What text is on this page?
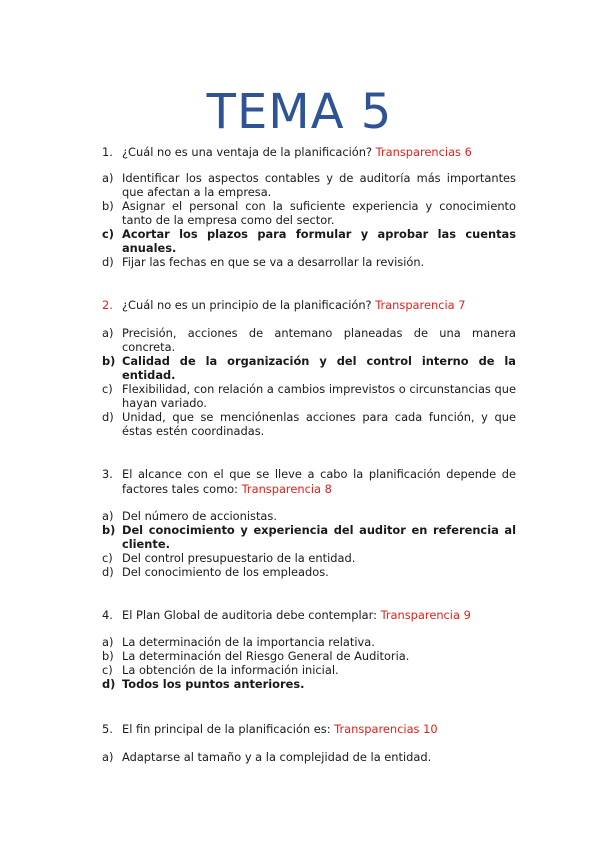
TEMA 5
1. ¿Cuál no es una ventaja de la planificación? Transparencias 6
a) Identificar los aspectos contables y de auditoría más importantes que afectan a la empresa.
b) Asignar el personal con la suficiente experiencia y conocimiento tanto de la empresa como del sector.
c) Acortar los plazos para formular y aprobar las cuentas anuales.
d) Fijar las fechas en que se va a desarrollar la revisión.
2. ¿Cuál no es un principio de la planificación? Transparencia 7
a) Precisión, acciones de antemano planeadas de una manera concreta.
b) Calidad de la organización y del control interno de la entidad.
c) Flexibilidad, con relación a cambios imprevistos o circunstancias que hayan variado.
d) Unidad, que se menciónenlas acciones para cada función, y que éstas estén coordinadas.
3. El alcance con el que se lleve a cabo la planificación depende de factores tales como: Transparencia 8
a) Del número de accionistas.
b) Del conocimiento y experiencia del auditor en referencia al cliente.
c) Del control presupuestario de la entidad.
d) Del conocimiento de los empleados.
4. El Plan Global de auditoria debe contemplar: Transparencia 9
a) La determinación de la importancia relativa.
b) La determinación del Riesgo General de Auditoria.
c) La obtención de la información inicial.
d) Todos los puntos anteriores.
5. El fin principal de la planificación es: Transparencias 10
a) Adaptarse al tamaño y a la complejidad de la entidad.
